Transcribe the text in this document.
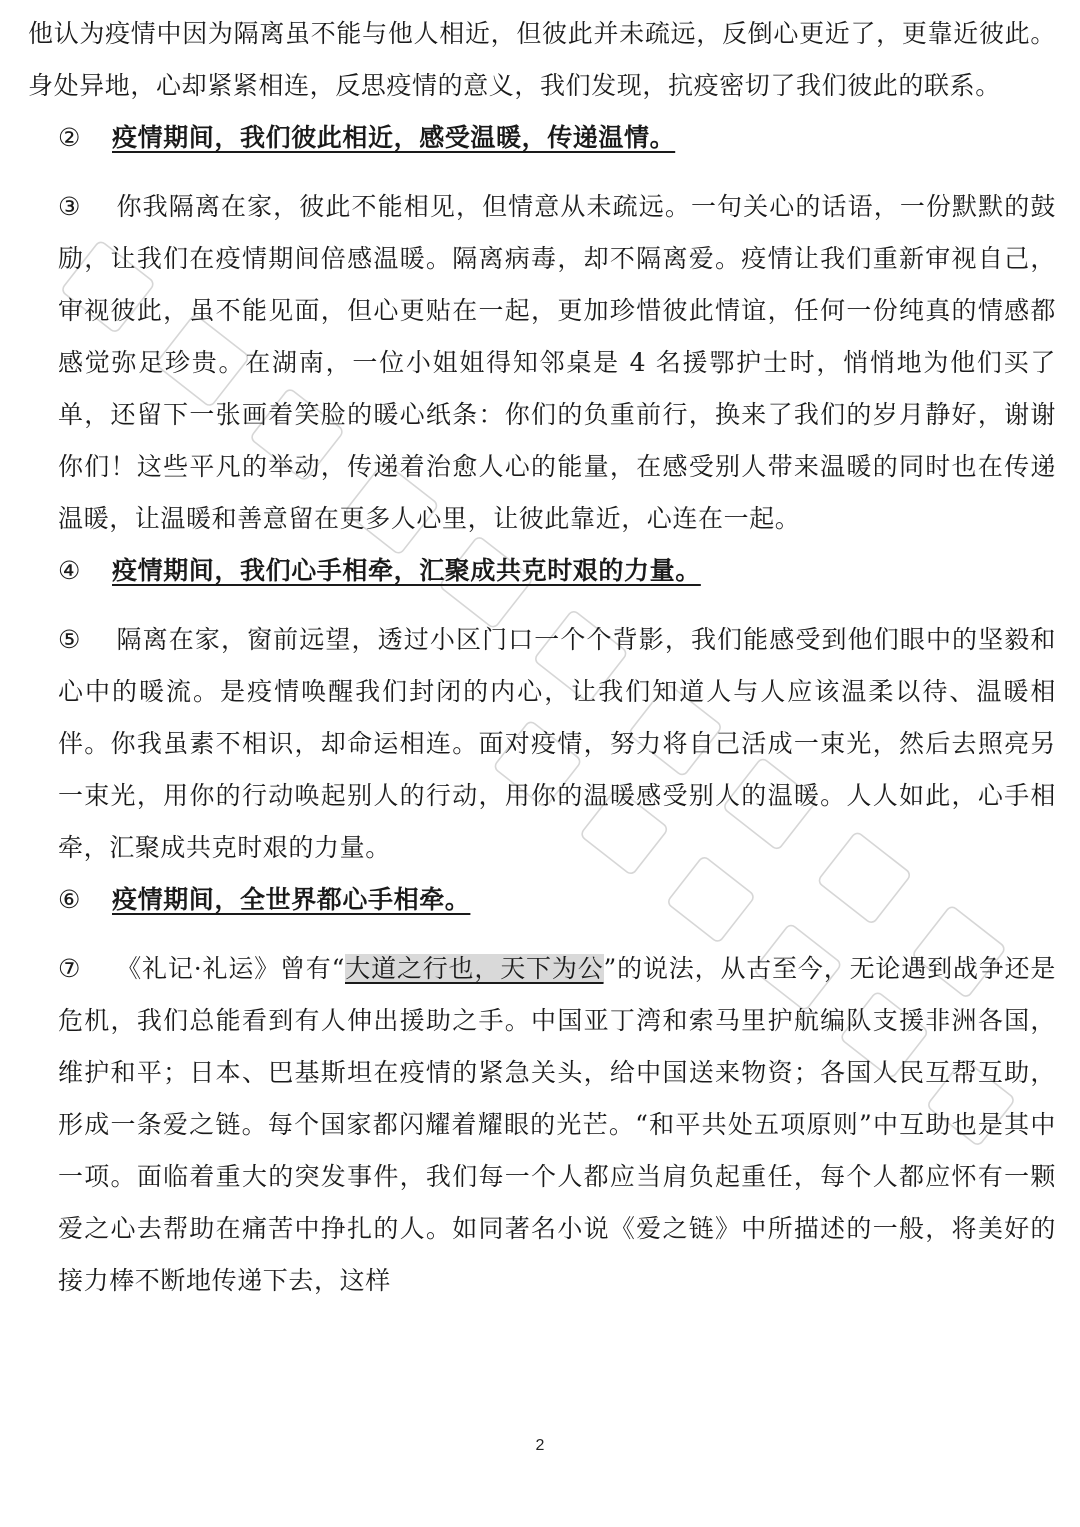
他认为疫情中因为隔离虽不能与他人相近，但彼此并未疏远，反倒心更近了，更靠近彼此。身处异地，心却紧紧相连，反思疫情的意义，我们发现，抗疫密切了我们彼此的联系。

② 疫情期间，我们彼此相近，感受温暖，传递温情。

③ 你我隔离在家，彼此不能相见，但情意从未疏远。一句关心的话语，一份默默的鼓励，让我们在疫情期间倍感温暖。隔离病毒，却不隔离爱。疫情让我们重新审视自己，审视彼此，虽不能见面，但心更贴在一起，更加珍惜彼此情谊，任何一份纯真的情感都感觉弥足珍贵。在湖南，一位小姐姐得知邻桌是 4 名援鄂护士时，悄悄地为他们买了单，还留下一张画着笑脸的暖心纸条：你们的负重前行，换来了我们的岁月静好，谢谢你们！这些平凡的举动，传递着治愈人心的能量，在感受别人带来温暖的同时也在传递温暖，让温暖和善意留在更多人心里，让彼此靠近，心连在一起。

④ 疫情期间，我们心手相牵，汇聚成共克时艰的力量。

⑤ 隔离在家，窗前远望，透过小区门口一个个背影，我们能感受到他们眼中的坚毅和心中的暖流。是疫情唤醒我们封闭的内心，让我们知道人与人应该温柔以待、温暖相伴。你我虽素不相识，却命运相连。面对疫情，努力将自己活成一束光，然后去照亮另一束光，用你的行动唤起别人的行动，用你的温暖感受别人的温暖。人人如此，心手相牵，汇聚成共克时艰的力量。

⑥ 疫情期间，全世界都心手相牵。

⑦ 《礼记·礼运》曾有“大道之行也，天下为公”的说法，从古至今，无论遇到战争还是危机，我们总能看到有人伸出援助之手。中国亚丁湾和索马里护航编队支援非洲各国，维护和平；日本、巴基斯坦在疫情的紧急关头，给中国送来物资；各国人民互帮互助，形成一条爱之链。每个国家都闪耀着耀眼的光芒。“和平共处五项原则”中互助也是其中一项。面临着重大的突发事件，我们每一个人都应当肩负起重任，每个人都应怀有一颗爱之心去帮助在痛苦中挣扎的人。如同著名小说《爱之链》中所描述的一般，将美好的接力棒不断地传递下去，这样

2
